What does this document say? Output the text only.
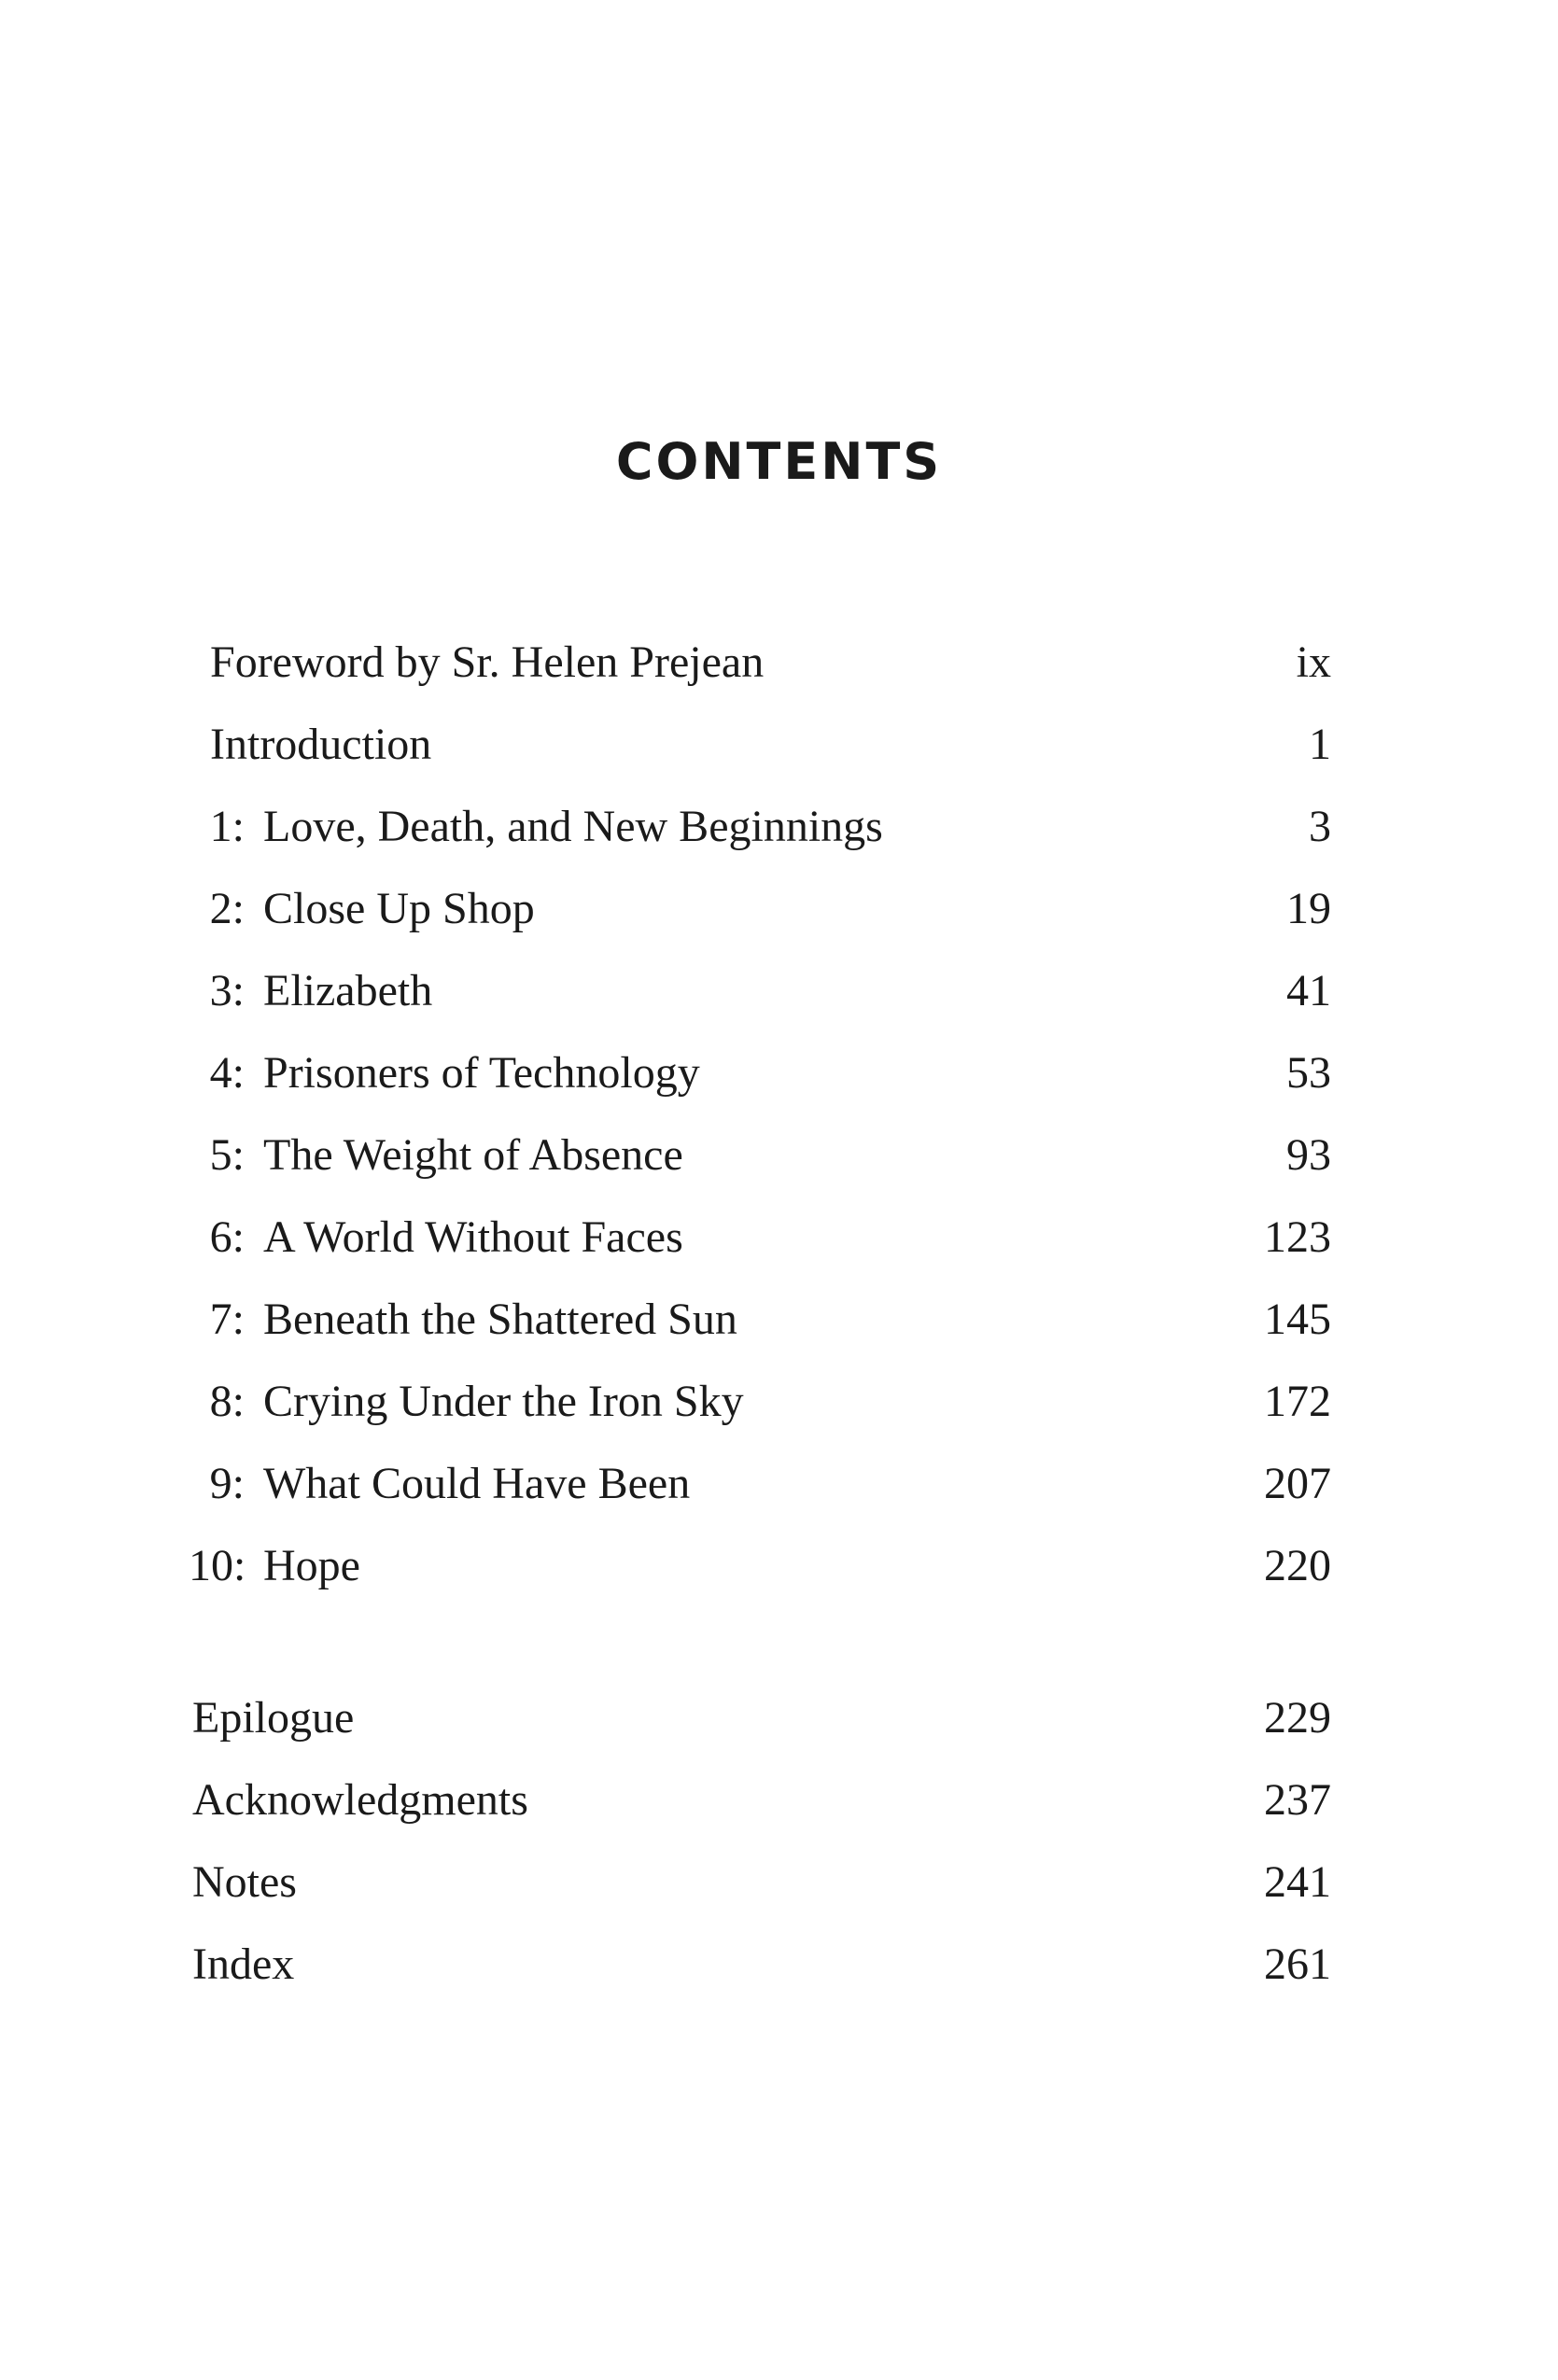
CONTENTS
Foreword by Sr. Helen Prejean	ix
Introduction	1
1: Love, Death, and New Beginnings	3
2: Close Up Shop	19
3: Elizabeth	41
4: Prisoners of Technology	53
5: The Weight of Absence	93
6: A World Without Faces	123
7: Beneath the Shattered Sun	145
8: Crying Under the Iron Sky	172
9: What Could Have Been	207
10: Hope	220
Epilogue	229
Acknowledgments	237
Notes	241
Index	261
